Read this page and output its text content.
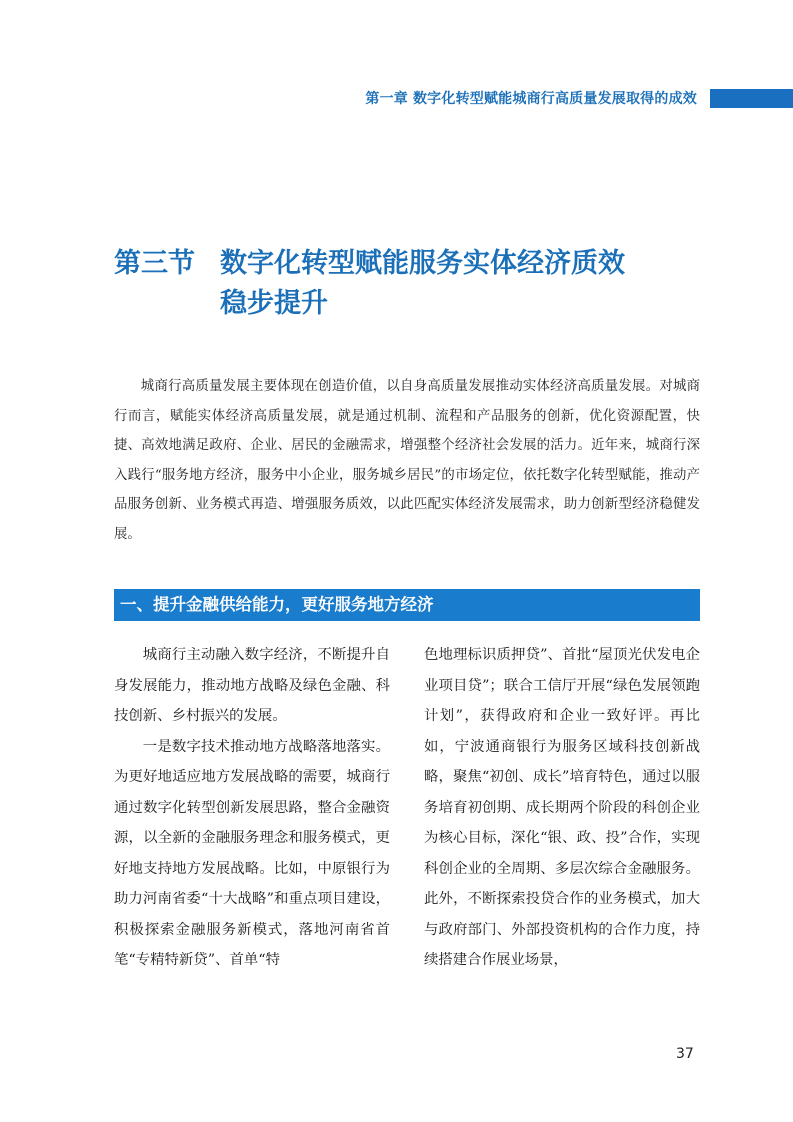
第一章 数字化转型赋能城商行高质量发展取得的成效
第三节 数字化转型赋能服务实体经济质效
稳步提升

城商行高质量发展主要体现在创造价值，以自身高质量发展推动实体经济高质量发展。对城商行而言，赋能实体经济高质量发展，就是通过机制、流程和产品服务的创新，优化资源配置，快捷、高效地满足政府、企业、居民的金融需求，增强整个经济社会发展的活力。近年来，城商行深入践行“服务地方经济，服务中小企业，服务城乡居民”的市场定位，依托数字化转型赋能，推动产品服务创新、业务模式再造、增强服务质效，以此匹配实体经济发展需求，助力创新型经济稳健发展。

一、提升金融供给能力，更好服务地方经济

城商行主动融入数字经济，不断提升自身发展能力，推动地方战略及绿色金融、科技创新、乡村振兴的发展。

一是数字技术推动地方战略落地落实。为更好地适应地方发展战略的需要，城商行通过数字化转型创新发展思路，整合金融资源，以全新的金融服务理念和服务模式，更好地支持地方发展战略。比如，中原银行为助力河南省委“十大战略”和重点项目建设，积极探索金融服务新模式，落地河南省首笔“专精特新贷”、首单“特

色地理标识质押贷”、首批“屋顶光伏发电企业项目贷”；联合工信厅开展“绿色发展领跑计划”，获得政府和企业一致好评。再比如，宁波通商银行为服务区域科技创新战略，聚焦“初创、成长”培育特色，通过以服务培育初创期、成长期两个阶段的科创企业为核心目标，深化“银、政、投”合作，实现科创企业的全周期、多层次综合金融服务。此外，不断探索投贷合作的业务模式，加大与政府部门、外部投资机构的合作力度，持续搭建合作展业场景，

37
